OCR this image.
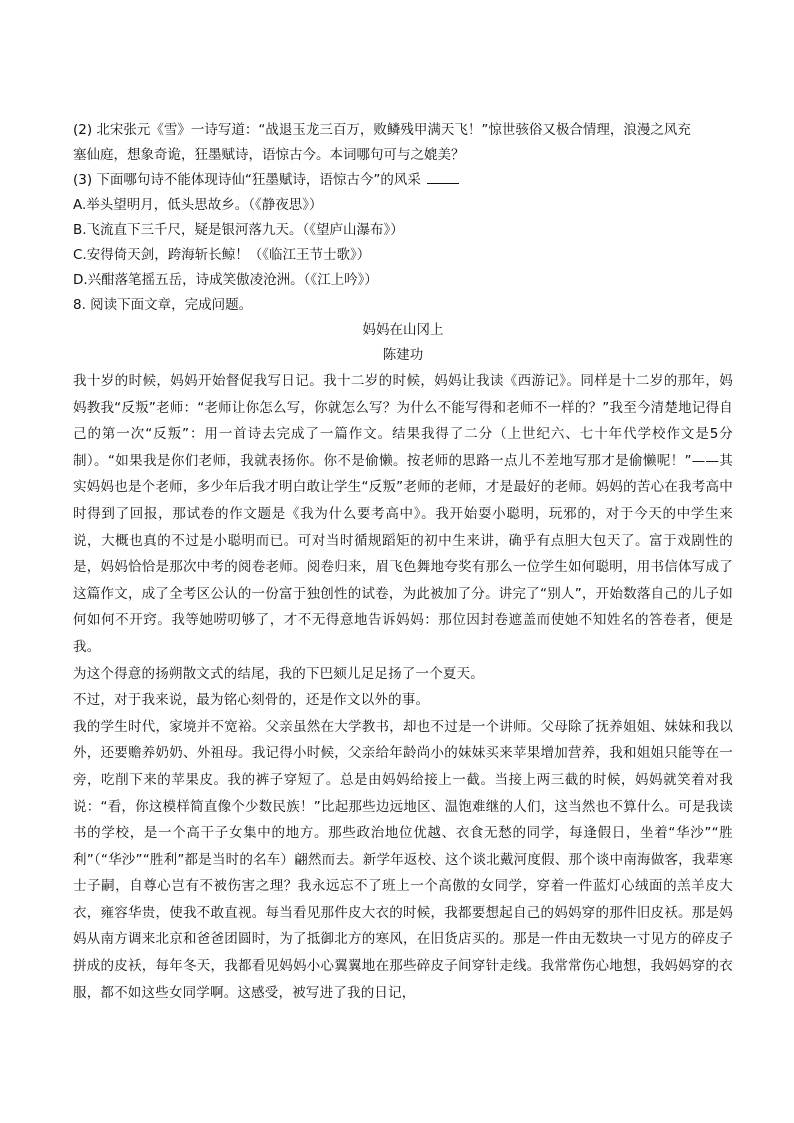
(2) 北宋张元《雪》一诗写道：“战退玉龙三百万，败鳞残甲满天飞！”惊世骇俗又极合情理，浪漫之风充
塞仙庭，想象奇诡，狂墨赋诗，语惊古今。本词哪句可与之媲美？
(3) 下面哪句诗不能体现诗仙“狂墨赋诗，语惊古今”的风采
A.举头望明月，低头思故乡。（《静夜思》）
B.飞流直下三千尺，疑是银河落九天。（《望庐山瀑布》）
C.安得倚天剑，跨海斩长鲸！（《临江王节士歌》）
D.兴酣落笔摇五岳，诗成笑傲凌沧洲。（《江上吟》）
8. 阅读下面文章，完成问题。
妈妈在山冈上
陈建功
我十岁的时候，妈妈开始督促我写日记。我十二岁的时候，妈妈让我读《西游记》。同样是十二岁的那年，妈妈教我“反叛”老师：“老师让你怎么写，你就怎么写？为什么不能写得和老师不一样的？”我至今清楚地记得自己的第一次“反叛”：用一首诗去完成了一篇作文。结果我得了二分（上世纪六、七十年代学校作文是5分制）。“如果我是你们老师，我就表扬你。你不是偷懒。按老师的思路一点儿不差地写那才是偷懒呢！”——其实妈妈也是个老师，多少年后我才明白敢让学生“反叛”老师的老师，才是最好的老师。妈妈的苦心在我考高中时得到了回报，那试卷的作文题是《我为什么要考高中》。我开始耍小聪明，玩邪的，对于今天的中学生来说，大概也真的不过是小聪明而已。可对当时循规蹈矩的初中生来讲，确乎有点胆大包天了。富于戏剧性的是，妈妈恰恰是那次中考的阅卷老师。阅卷归来，眉飞色舞地夸奖有那么一位学生如何聪明，用书信体写成了这篇作文，成了全考区公认的一份富于独创性的试卷，为此被加了分。讲完了“别人”，开始数落自己的儿子如何如何不开窍。我等她唠叨够了，才不无得意地告诉妈妈：那位因封卷遮盖而使她不知姓名的答卷者，便是我。
为这个得意的扬朔散文式的结尾，我的下巴颏儿足足扬了一个夏天。
不过，对于我来说，最为铭心刻骨的，还是作文以外的事。
我的学生时代，家境并不宽裕。父亲虽然在大学教书，却也不过是一个讲师。父母除了抚养姐姐、妹妹和我以外，还要赡养奶奶、外祖母。我记得小时候，父亲给年龄尚小的妹妹买来苹果增加营养，我和姐姐只能等在一旁，吃削下来的苹果皮。我的裤子穿短了。总是由妈妈给接上一截。当接上两三截的时候，妈妈就笑着对我说：“看，你这模样简直像个少数民族！”比起那些边远地区、温饱难继的人们，这当然也不算什么。可是我读书的学校，是一个高干子女集中的地方。那些政治地位优越、衣食无愁的同学，每逢假日，坐着“华沙”“胜利”（“华沙”“胜利”都是当时的名车）翩然而去。新学年返校、这个谈北戴河度假、那个谈中南海做客，我辈寒士子嗣，自尊心岂有不被伤害之理？我永远忘不了班上一个高傲的女同学，穿着一件蓝灯心绒面的羔羊皮大衣，雍容华贵，使我不敢直视。每当看见那件皮大衣的时候，我都要想起自己的妈妈穿的那件旧皮袄。那是妈妈从南方调来北京和爸爸团圆时，为了抵御北方的寒风，在旧货店买的。那是一件由无数块一寸见方的碎皮子拼成的皮袄，每年冬天，我都看见妈妈小心翼翼地在那些碎皮子间穿针走线。我常常伤心地想，我妈妈穿的衣服，都不如这些女同学啊。这感受，被写进了我的日记，
